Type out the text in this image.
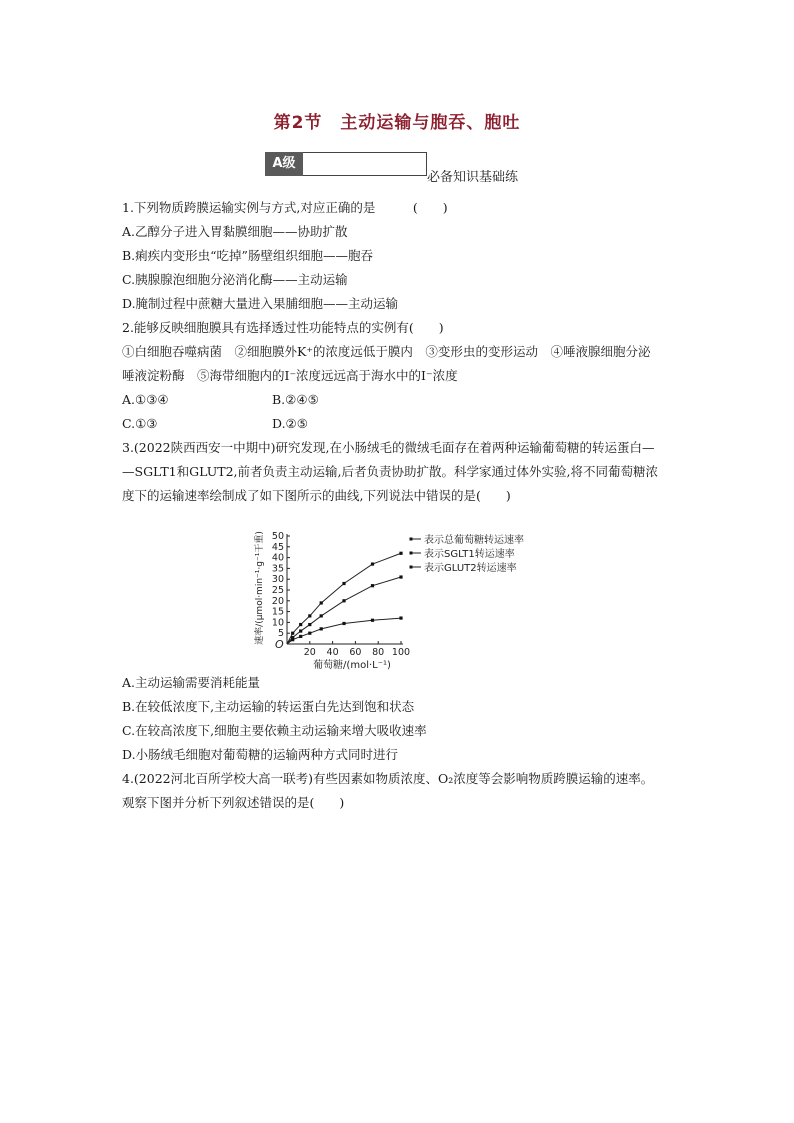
第2节　主动运输与胞吞、胞吐
A级
必备知识基础练
1.下列物质跨膜运输实例与方式,对应正确的是　　　(　　)
A.乙醇分子进入胃黏膜细胞——协助扩散
B.痢疾内变形虫“吃掉”肠壁组织细胞——胞吞
C.胰腺腺泡细胞分泌消化酶——主动运输
D.腌制过程中蔗糖大量进入果脯细胞——主动运输
2.能够反映细胞膜具有选择透过性功能特点的实例有(　　)
①白细胞吞噬病菌　②细胞膜外K⁺的浓度远低于膜内　③变形虫的变形运动　④唾液腺细胞分泌
唾液淀粉酶　⑤海带细胞内的I⁻浓度远远高于海水中的I⁻浓度
A.①③④	B.②④⑤
C.①③	D.②⑤
3.(2022陕西西安一中期中)研究发现,在小肠绒毛的微绒毛面存在着两种运输葡萄糖的转运蛋白—
—SGLT1和GLUT2,前者负责主动运输,后者负责协助扩散。科学家通过体外实验,将不同葡萄糖浓
度下的运输速率绘制成了如下图所示的曲线,下列说法中错误的是(　　)
20 40 60 80 100
5
10
15
20
25
30
35
40
45
50
O
葡萄糖/(mol·L⁻¹)
速率/(μmol·min⁻¹·g⁻¹干重)	表示总葡萄糖转运速率
表示SGLT1转运速率
表示GLUT2转运速率
A.主动运输需要消耗能量
B.在较低浓度下,主动运输的转运蛋白先达到饱和状态
C.在较高浓度下,细胞主要依赖主动运输来增大吸收速率
D.小肠绒毛细胞对葡萄糖的运输两种方式同时进行
4.(2022河北百所学校大高一联考)有些因素如物质浓度、O₂浓度等会影响物质跨膜运输的速率。
观察下图并分析下列叙述错误的是(　　)
